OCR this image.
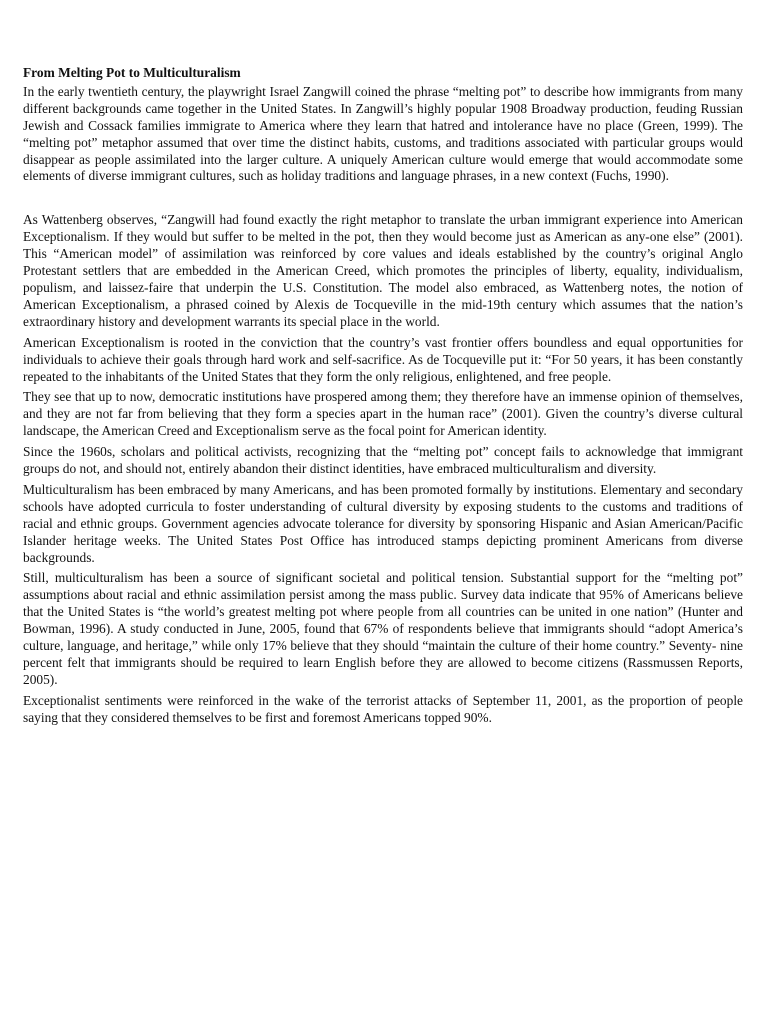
From Melting Pot to Multiculturalism

In the early twentieth century, the playwright Israel Zangwill coined the phrase “melting pot” to describe how immigrants from many different backgrounds came together in the United States. In Zangwill’s highly popular 1908 Broadway production, feuding Russian Jewish and Cossack families immigrate to America where they learn that hatred and intolerance have no place (Green, 1999). The “melting pot” metaphor assumed that over time the distinct habits, customs, and traditions associated with particular groups would disappear as people assimilated into the larger culture. A uniquely American culture would emerge that would accommodate some elements of diverse immigrant cultures, such as holiday traditions and language phrases, in a new context (Fuchs, 1990).

As Wattenberg observes, “Zangwill had found exactly the right metaphor to translate the urban immigrant experience into American Exceptionalism. If they would but suffer to be melted in the pot, then they would become just as American as any-one else” (2001). This “American model” of assimilation was reinforced by core values and ideals established by the country’s original Anglo Protestant settlers that are embedded in the American Creed, which promotes the principles of liberty, equality, individualism, populism, and laissez-faire that underpin the U.S. Constitution. The model also embraced, as Wattenberg notes, the notion of American Exceptionalism, a phrased coined by Alexis de Tocqueville in the mid-19th century which assumes that the nation’s extraordinary history and development warrants its special place in the world.

American Exceptionalism is rooted in the conviction that the country’s vast frontier offers boundless and equal opportunities for individuals to achieve their goals through hard work and self-sacrifice. As de Tocqueville put it: “For 50 years, it has been constantly repeated to the inhabitants of the United States that they form the only religious, enlightened, and free people.

They see that up to now, democratic institutions have prospered among them; they therefore have an immense opinion of themselves, and they are not far from believing that they form a species apart in the human race” (2001). Given the country’s diverse cultural landscape, the American Creed and Exceptionalism serve as the focal point for American identity.

Since the 1960s, scholars and political activists, recognizing that the “melting pot” concept fails to acknowledge that immigrant groups do not, and should not, entirely abandon their distinct identities, have embraced multiculturalism and diversity.

Multiculturalism has been embraced by many Americans, and has been promoted formally by institutions. Elementary and secondary schools have adopted curricula to foster understanding of cultural diversity by exposing students to the customs and traditions of racial and ethnic groups. Government agencies advocate tolerance for diversity by sponsoring Hispanic and Asian American/Pacific Islander heritage weeks. The United States Post Office has introduced stamps depicting prominent Americans from diverse backgrounds.

Still, multiculturalism has been a source of significant societal and political tension. Substantial support for the “melting pot” assumptions about racial and ethnic assimilation persist among the mass public. Survey data indicate that 95% of Americans believe that the United States is “the world’s greatest melting pot where people from all countries can be united in one nation” (Hunter and Bowman, 1996). A study conducted in June, 2005, found that 67% of respondents believe that immigrants should “adopt America’s culture, language, and heritage,” while only 17% believe that they should “maintain the culture of their home country.” Seventy- nine percent felt that immigrants should be required to learn English before they are allowed to become citizens (Rassmussen Reports, 2005).

Exceptionalist sentiments were reinforced in the wake of the terrorist attacks of September 11, 2001, as the proportion of people saying that they considered themselves to be first and foremost Americans topped 90%.
